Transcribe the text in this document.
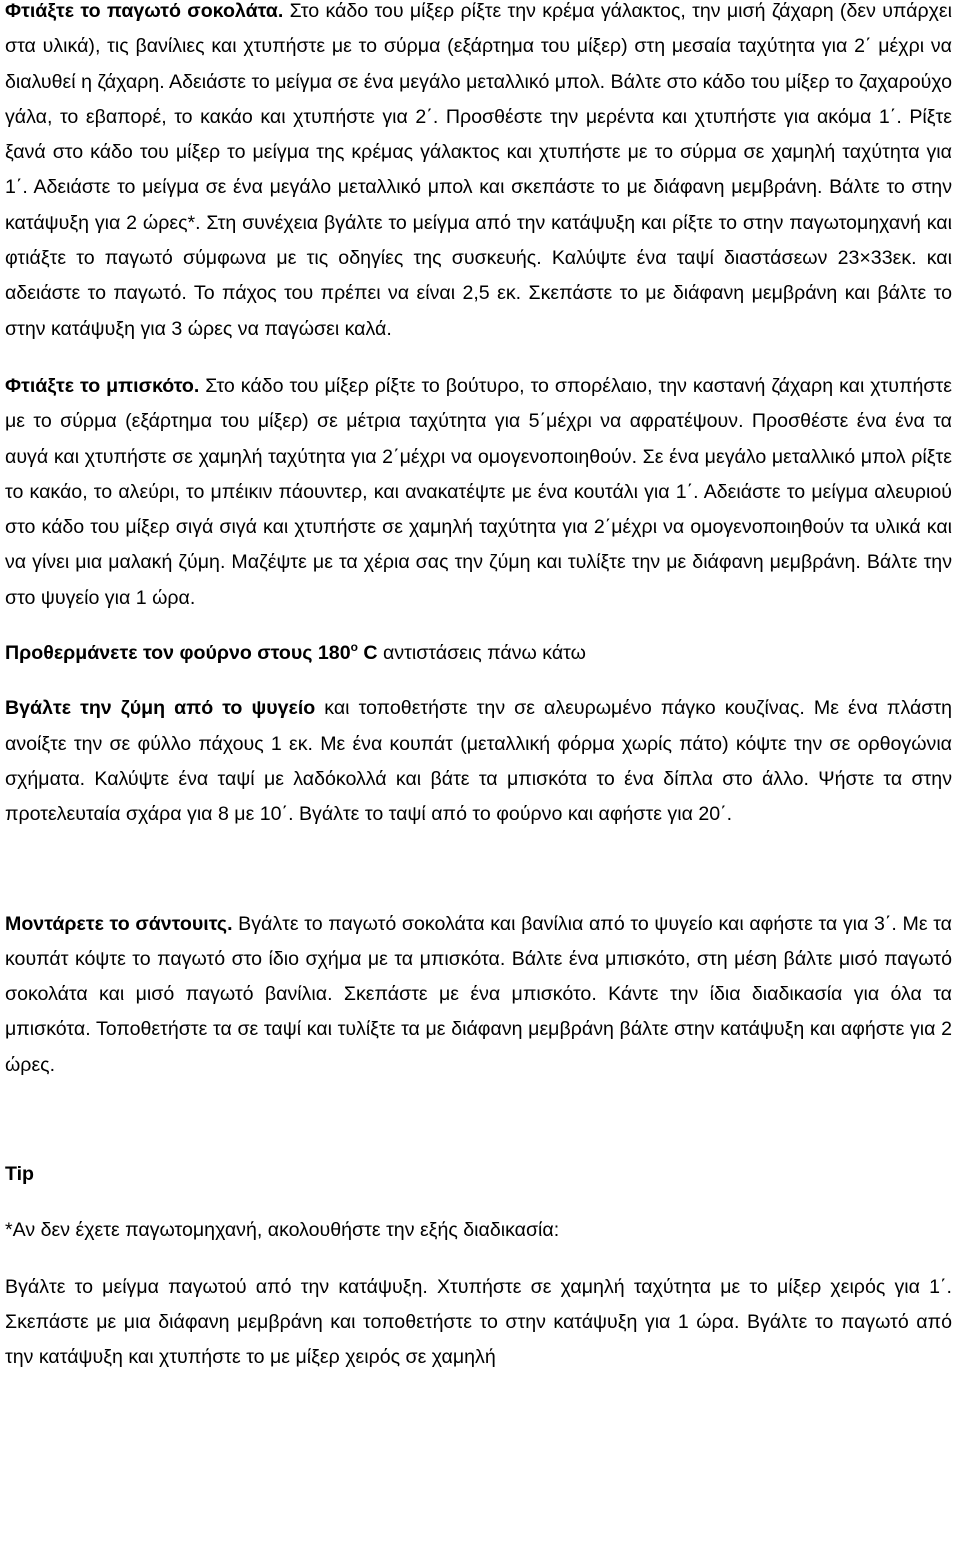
Φτιάξτε το παγωτό σοκολάτα. Στο κάδο του μίξερ ρίξτε την κρέμα γάλακτος, την μισή ζάχαρη (δεν υπάρχει στα υλικά), τις βανίλιες και χτυπήστε με το σύρμα (εξάρτημα του μίξερ) στη μεσαία ταχύτητα για 2΄ μέχρι να διαλυθεί η ζάχαρη. Αδειάστε το μείγμα σε ένα μεγάλο μεταλλικό μπολ. Βάλτε στο κάδο του μίξερ το ζαχαρούχο γάλα, το εβαπορέ, το κακάο και χτυπήστε για 2΄. Προσθέστε την μερέντα και χτυπήστε για ακόμα 1΄. Ρίξτε ξανά στο κάδο του μίξερ το μείγμα της κρέμας γάλακτος και χτυπήστε με το σύρμα σε χαμηλή ταχύτητα για 1΄. Αδειάστε το μείγμα σε ένα μεγάλο μεταλλικό μπολ και σκεπάστε το με διάφανη μεμβράνη. Βάλτε το στην κατάψυξη για 2 ώρες*. Στη συνέχεια βγάλτε το μείγμα από την κατάψυξη και ρίξτε το στην παγωτομηχανή και φτιάξτε το παγωτό σύμφωνα με τις οδηγίες της συσκευής. Καλύψτε ένα ταψί διαστάσεων 23×33εκ. και αδειάστε το παγωτό. Το πάχος του πρέπει να είναι 2,5 εκ. Σκεπάστε το με διάφανη μεμβράνη και βάλτε το στην κατάψυξη για 3 ώρες να παγώσει καλά.

Φτιάξτε το μπισκότο. Στο κάδο του μίξερ ρίξτε το βούτυρο, το σπορέλαιο, την καστανή ζάχαρη και χτυπήστε με το σύρμα (εξάρτημα του μίξερ) σε μέτρια ταχύτητα για 5΄μέχρι να αφρατέψουν. Προσθέστε ένα ένα τα αυγά και χτυπήστε σε χαμηλή ταχύτητα για 2΄μέχρι να ομογενοποιηθούν. Σε ένα μεγάλο μεταλλικό μπολ ρίξτε το κακάο, το αλεύρι, το μπέικιν πάουντερ, και ανακατέψτε με ένα κουτάλι για 1΄. Αδειάστε το μείγμα αλευριού στο κάδο του μίξερ σιγά σιγά και χτυπήστε σε χαμηλή ταχύτητα για 2΄μέχρι να ομογενοποιηθούν τα υλικά και να γίνει μια μαλακή ζύμη. Μαζέψτε με τα χέρια σας την ζύμη και τυλίξτε την με διάφανη μεμβράνη. Βάλτε την στο ψυγείο για 1 ώρα.

Προθερμάνετε τον φούρνο στους $180^o$ C αντιστάσεις πάνω κάτω

Βγάλτε την ζύμη από το ψυγείο και τοποθετήστε την σε αλευρωμένο πάγκο κουζίνας. Με ένα πλάστη ανοίξτε την σε φύλλο πάχους 1 εκ. Με ένα κουπάτ (μεταλλική φόρμα χωρίς πάτο) κόψτε την σε ορθογώνια σχήματα. Καλύψτε ένα ταψί με λαδόκολλά και βάτε τα μπισκότα το ένα δίπλα στο άλλο. Ψήστε τα στην προτελευταία σχάρα για 8 με 10΄. Βγάλτε το ταψί από το φούρνο και αφήστε για 20΄.

Μοντάρετε το σάντουιτς. Βγάλτε το παγωτό σοκολάτα και βανίλια από το ψυγείο και αφήστε τα για 3΄. Με τα κουπάτ κόψτε το παγωτό στο ίδιο σχήμα με τα μπισκότα. Βάλτε ένα μπισκότο, στη μέση βάλτε μισό παγωτό σοκολάτα και μισό παγωτό βανίλια. Σκεπάστε με ένα μπισκότο. Κάντε την ίδια διαδικασία για όλα τα μπισκότα. Τοποθετήστε τα σε ταψί και τυλίξτε τα με διάφανη μεμβράνη βάλτε στην κατάψυξη και αφήστε για 2 ώρες.

Tip

*Αν δεν έχετε παγωτομηχανή, ακολουθήστε την εξής διαδικασία:

Βγάλτε το μείγμα παγωτού από την κατάψυξη. Χτυπήστε σε χαμηλή ταχύτητα με το μίξερ χειρός για 1΄. Σκεπάστε με μια διάφανη μεμβράνη και τοποθετήστε το στην κατάψυξη για 1 ώρα. Βγάλτε το παγωτό από την κατάψυξη και χτυπήστε το με μίξερ χειρός σε χαμηλή
